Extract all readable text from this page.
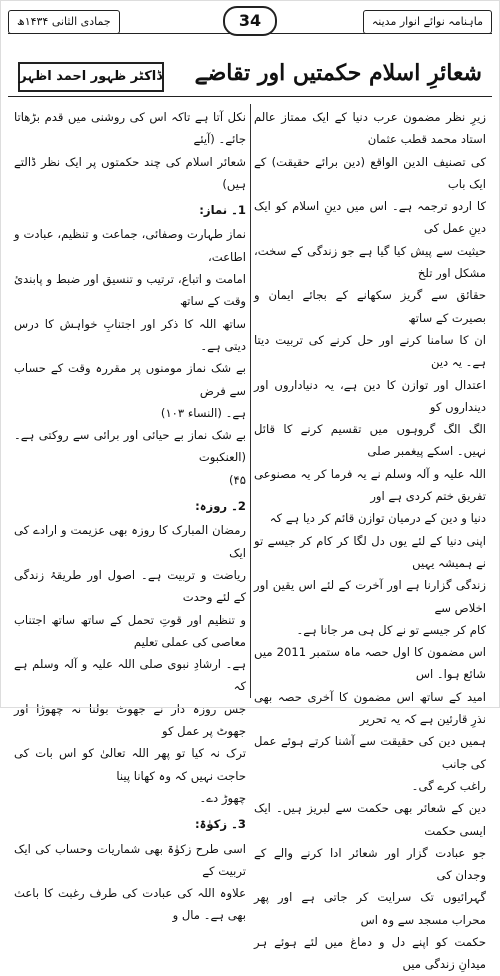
جمادی الثانی ۱۴۳۴ھ	34	ماہنامہ نوائے انوار مدینہ
شعائرِ اسلام حکمتیں اور تقاضے
ڈاکٹر ظہور احمد اظہر

زیرِ نظر مضمون عرب دنیا کے ایک ممتاز عالم استاد محمد قطب عثمان

کی تصنیف الدین الواقع (دین برائے حقیقت) کے ایک باب

کا اردو ترجمہ ہے۔ اس میں دینِ اسلام کو ایک دینِ عمل کی

حیثیت سے پیش کیا گیا ہے جو زندگی کے سخت، مشکل اور تلخ

حقائق سے گریز سکھانے کے بجائے ایمان و بصیرت کے ساتھ

ان کا سامنا کرنے اور حل کرنے کی تربیت دیتا ہے۔ یہ دین

اعتدال اور توازن کا دین ہے، یہ دنیاداروں اور دینداروں کو

الگ الگ گروہوں میں تقسیم کرنے کا قائل نہیں۔ اسکے پیغمبر صلی

اللہ علیہ و آلہ وسلم نے یہ فرما کر یہ مصنوعی تفریق ختم کردی ہے اور

دنیا و دین کے درمیان توازن قائم کر دیا ہے کہ

اپنی دنیا کے لئے یوں دل لگا کر کام کر جیسے تو نے ہمیشہ یہیں

زندگی گزارنا ہے اور آخرت کے لئے اس یقین اور اخلاص سے

کام کر جیسے تو نے کل ہی مر جانا ہے۔

اس مضمون کا اول حصہ ماہ ستمبر 2011 میں شائع ہوا۔ اس

امید کے ساتھ اس مضمون کا آخری حصہ بھی نذرِ قارئین ہے کہ یہ تحریر

ہمیں دین کی حقیقت سے آشنا کرتے ہوئے عمل کی جانب

راغب کرے گی۔

دین کے شعائر بھی حکمت سے لبریز ہیں۔ ایک ایسی حکمت

جو عبادت گزار اور شعائر ادا کرنے والے کے وجدان کی

گہرائیوں تک سرایت کر جاتی ہے اور پھر محراب مسجد سے وہ اس

حکمت کو اپنے دل و دماغ میں لئے ہوئے ہر میدانِ زندگی میں

نکل آتا ہے تاکہ اس کی روشنی میں قدم بڑھاتا جائے۔ (آیئے

شعائر اسلام کی چند حکمتوں پر ایک نظر ڈالتے ہیں)

1۔ نماز:

نماز طہارت وصفائی، جماعت و تنظیم، عبادت و اطاعت،

امامت و اتباع، ترتیب و تنسیق اور ضبط و پابندیٔ وقت کے ساتھ

ساتھ اللہ کا ذکر اور اجتنابِ خواہش کا درس دیتی ہے۔

بے شک نماز مومنوں پر مقررہ وقت کے حساب سے فرض

ہے۔ (النساء ۱۰۳)

بے شک نماز بے حیائی اور برائی سے روکتی ہے۔ (العنکبوت

۴۵)

2۔ روزہ:

رمضان المبارک کا روزہ بھی عزیمت و ارادے کی ایک

ریاضت و تربیت ہے۔ اصول اور طریقۂ زندگی کے لئے وحدت

و تنظیم اور قوتِ تحمل کے ساتھ ساتھ اجتناب معاصی کی عملی تعلیم

ہے۔ ارشادِ نبوی صلی اللہ علیہ و آلہ وسلم ہے کہ

جس روزہ دار نے جھوٹ بولنا نہ چھوڑا اور جھوٹ پر عمل کو

ترک نہ کیا تو پھر اللہ تعالیٰ کو اس بات کی حاجت نہیں کہ وہ کھانا پینا

چھوڑ دے۔

3۔ زکوٰۃ:

اسی طرح زکوٰۃ بھی شماریات وحساب کی ایک تربیت کے

علاوہ اللہ کی عبادت کی طرف رغبت کا باعث بھی ہے۔ مال و
